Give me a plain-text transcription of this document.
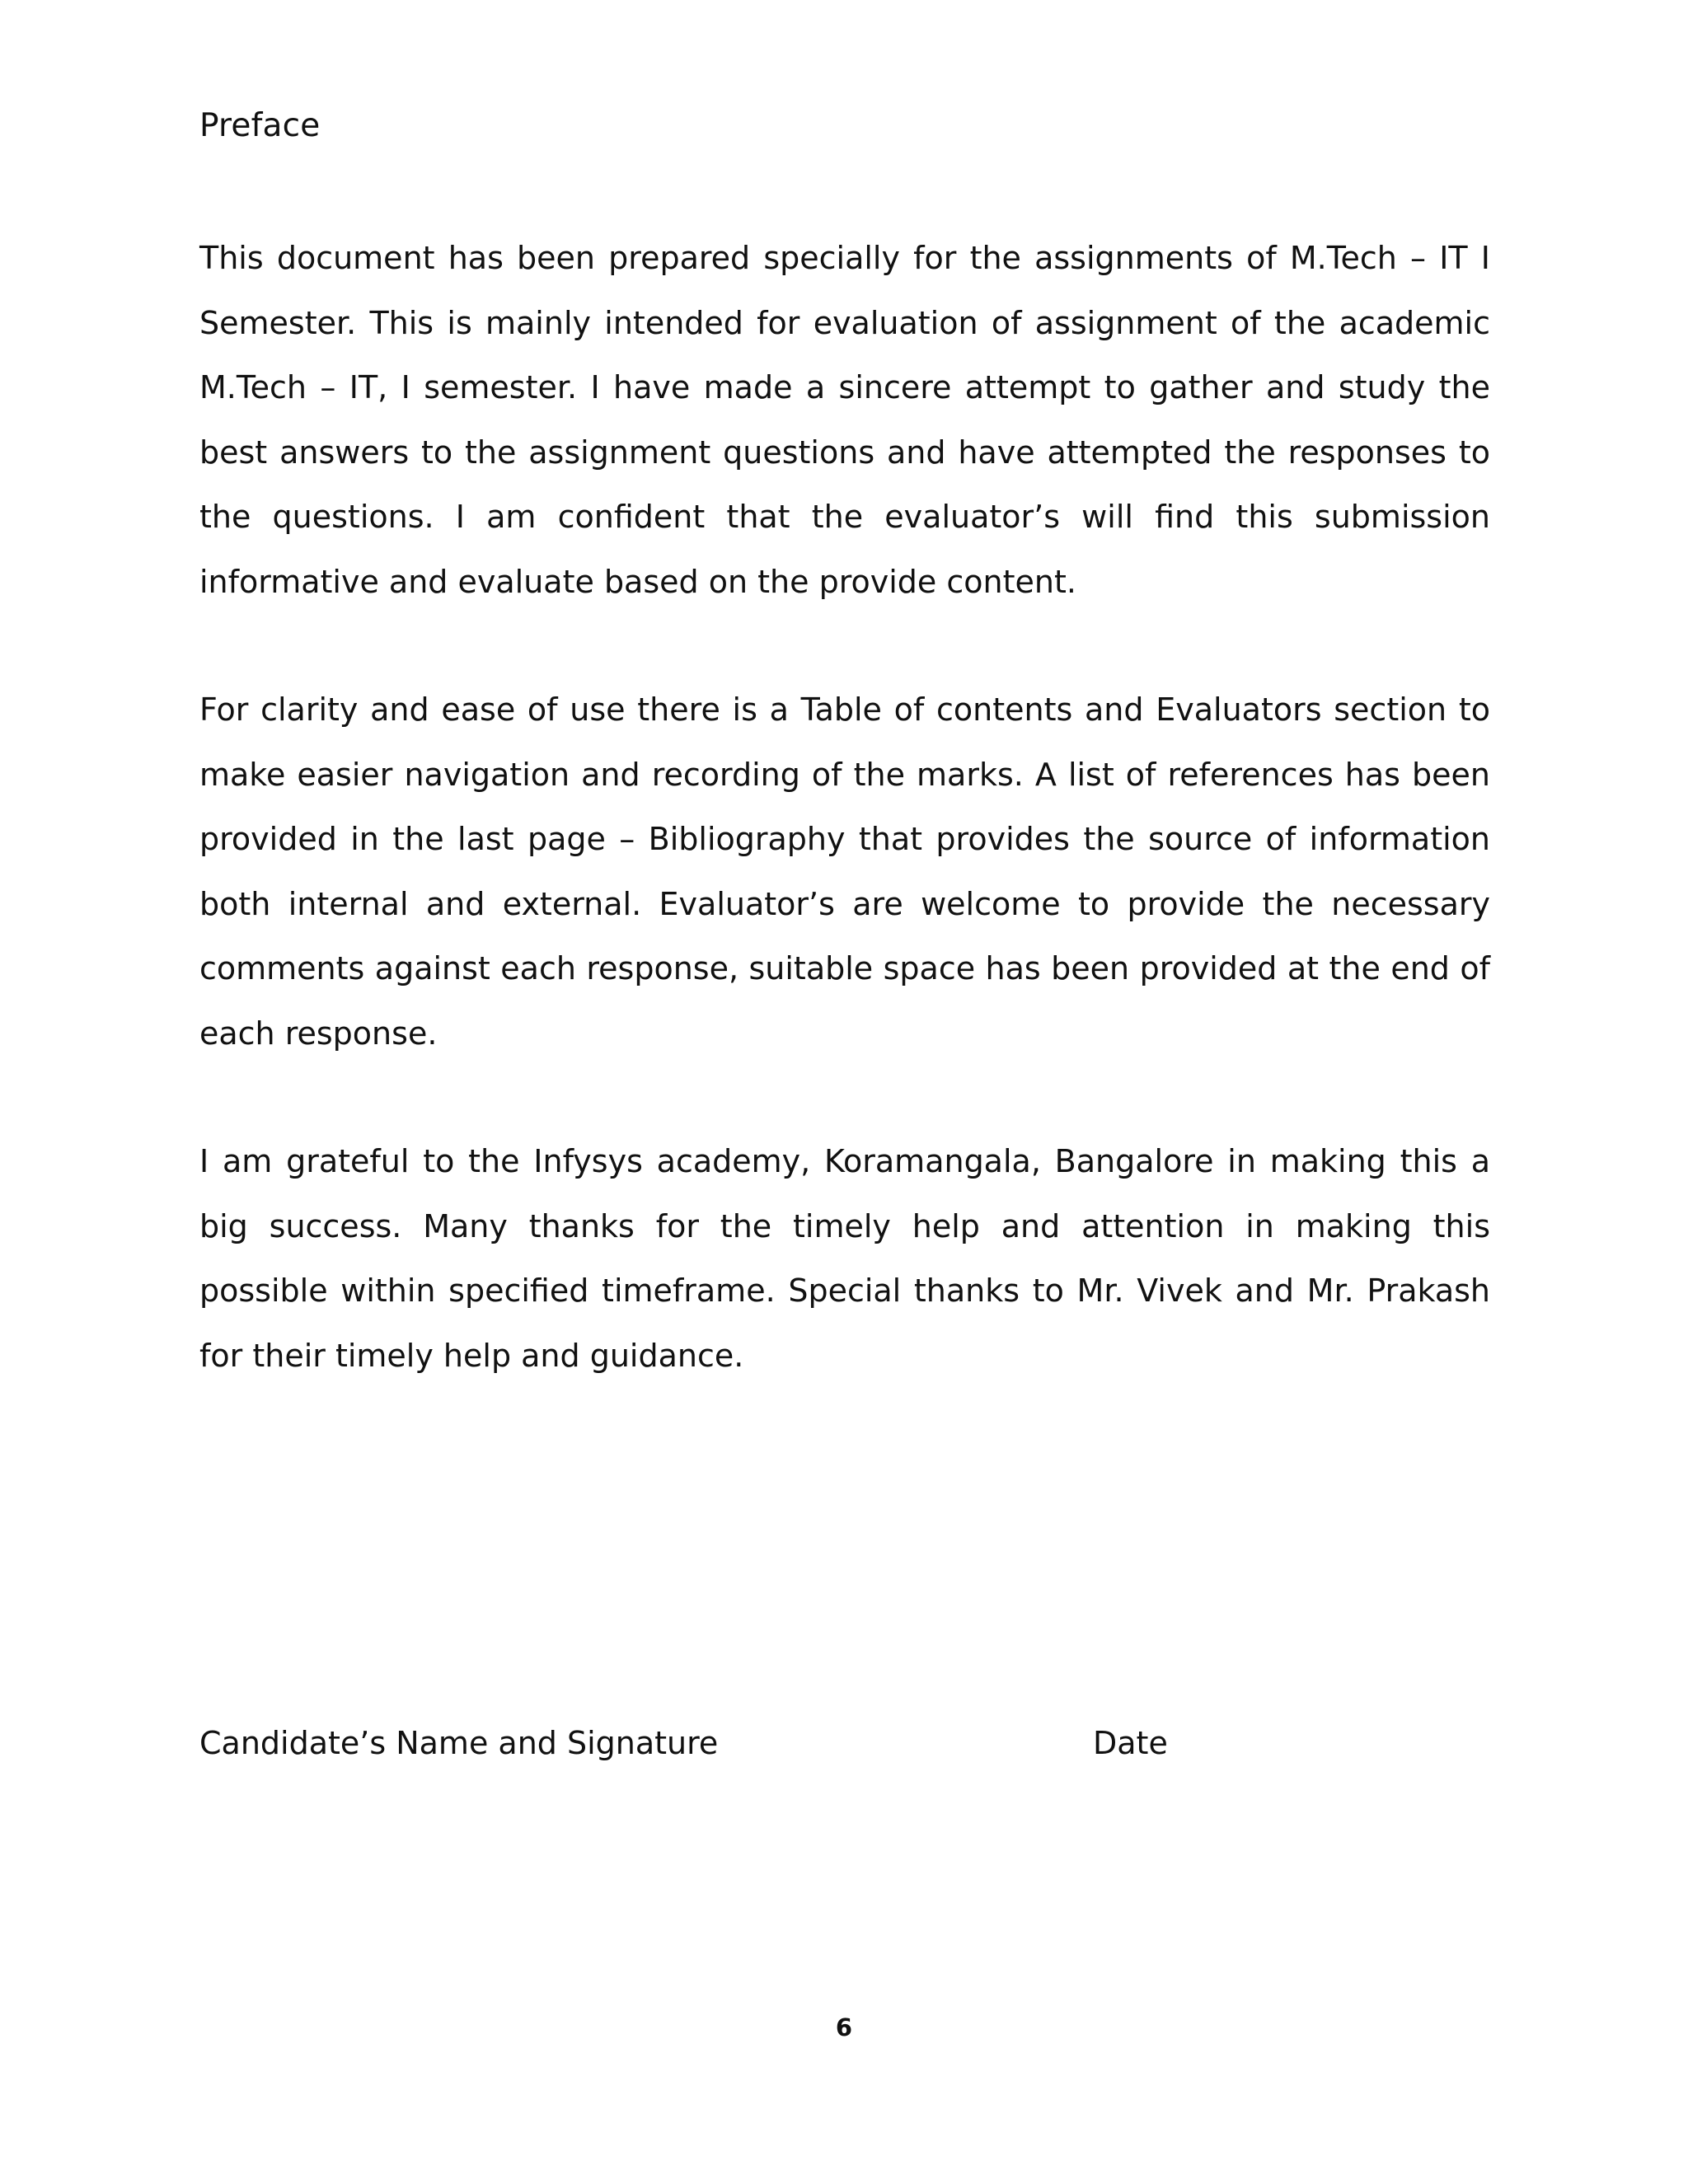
Preface

This document has been prepared specially for the assignments of M.Tech – IT I Semester. This is mainly intended for evaluation of assignment of the academic M.Tech – IT, I semester. I have made a sincere attempt to gather and study the best answers to the assignment questions and have attempted the responses to the questions. I am confident that the evaluator’s will find this submission informative and evaluate based on the provide content.

For clarity and ease of use there is a Table of contents and Evaluators section to make easier navigation and recording of the marks. A list of references has been provided in the last page – Bibliography that provides the source of information both internal and external. Evaluator’s are welcome to provide the necessary comments against each response, suitable space has been provided at the end of each response.

I am grateful to the Infysys academy, Koramangala, Bangalore in making this a big success. Many thanks for the timely help and attention in making this possible within specified timeframe. Special thanks to Mr. Vivek and Mr. Prakash for their timely help and guidance.

Candidate’s Name and Signature	Date
6
